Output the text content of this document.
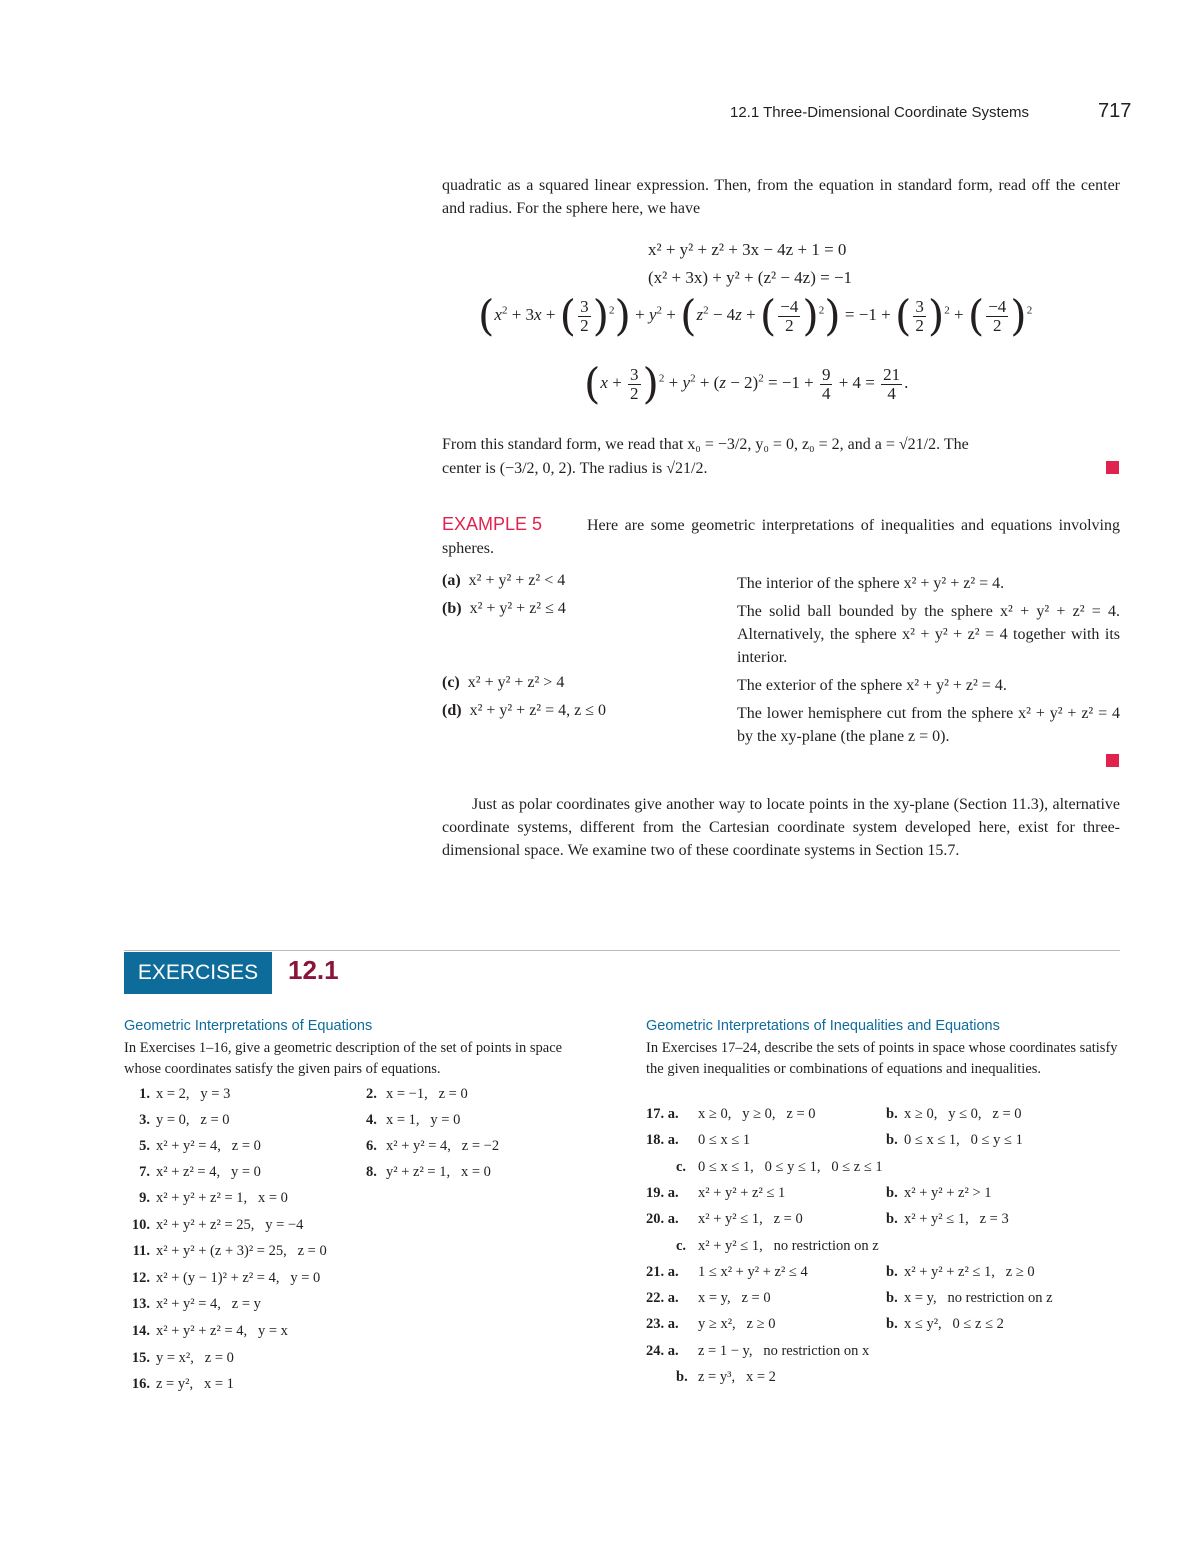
12.1 Three-Dimensional Coordinate Systems	717
quadratic as a squared linear expression. Then, from the equation in standard form, read off the center and radius. For the sphere here, we have
x² + y² + z² + 3x − 4z + 1 = 0
(x² + 3x) + y² + (z² − 4z) = −1
($x^2 + 3x$ + ( $\frac{3}{2} )^2) + y^2 + (z^2 - 4z$ + ( $\frac{-4}{2} )^2) = -1$ + ( $\frac{3}{2} )^2$ + ( $\frac{-4}{2} )^2$
$(x + \frac{3}{2} )^2 + y^2 + (z - 2)^2 = -1 + \frac{9}{4} + 4 = \frac{21}{4}$ .
From this standard form, we read that x₀ = −3/2, y₀ = 0, z₀ = 2, and a = √21/2. The
center is (−3/2, 0, 2). The radius is √21/2.
EXAMPLE 5	Here are some geometric interpretations of inequalities and equations involving spheres.
(a) x² + y² + z² < 4	The interior of the sphere x² + y² + z² = 4.
(b) x² + y² + z² ≤ 4	The solid ball bounded by the sphere x² + y² + z² = 4. Alternatively, the sphere x² + y² + z² = 4 together with its interior.
(c) x² + y² + z² > 4	The exterior of the sphere x² + y² + z² = 4.
(d) x² + y² + z² = 4, z ≤ 0	The lower hemisphere cut from the sphere x² + y² + z² = 4 by the xy-plane (the plane z = 0).
Just as polar coordinates give another way to locate points in the xy-plane (Section 11.3), alternative coordinate systems, different from the Cartesian coordinate system developed here, exist for three-dimensional space. We examine two of these coordinate systems in Section 15.7.
EXERCISES	12.1
Geometric Interpretations of Equations
In Exercises 1–16, give a geometric description of the set of points in space whose coordinates satisfy the given pairs of equations.
1. x = 2,   y = 3	2. x = −1,   z = 0
3. y = 0,   z = 0	4. x = 1,   y = 0
5. x² + y² = 4,   z = 0	6. x² + y² = 4,   z = −2
7. x² + z² = 4,   y = 0	8. y² + z² = 1,   x = 0
9. x² + y² + z² = 1,   x = 0
10. x² + y² + z² = 25,   y = −4
11. x² + y² + (z + 3)² = 25,   z = 0
12. x² + (y − 1)² + z² = 4,   y = 0
13. x² + y² = 4,   z = y
14. x² + y² + z² = 4,   y = x
15. y = x²,   z = 0
16. z = y²,   x = 1
Geometric Interpretations of Inequalities and Equations
In Exercises 17–24, describe the sets of points in space whose coordinates satisfy the given inequalities or combinations of equations and inequalities.
17. a. x ≥ 0,   y ≥ 0,   z = 0	b. x ≥ 0,   y ≤ 0,   z = 0
18. a. 0 ≤ x ≤ 1	b. 0 ≤ x ≤ 1,   0 ≤ y ≤ 1
c. 0 ≤ x ≤ 1,   0 ≤ y ≤ 1,   0 ≤ z ≤ 1
19. a. x² + y² + z² ≤ 1	b. x² + y² + z² > 1
20. a. x² + y² ≤ 1,   z = 0	b. x² + y² ≤ 1,   z = 3
c. x² + y² ≤ 1,   no restriction on z
21. a. 1 ≤ x² + y² + z² ≤ 4	b. x² + y² + z² ≤ 1,   z ≥ 0
22. a. x = y,   z = 0	b. x = y,   no restriction on z
23. a. y ≥ x²,   z ≥ 0	b. x ≤ y²,   0 ≤ z ≤ 2
24. a. z = 1 − y,   no restriction on x
b. z = y³,   x = 2
